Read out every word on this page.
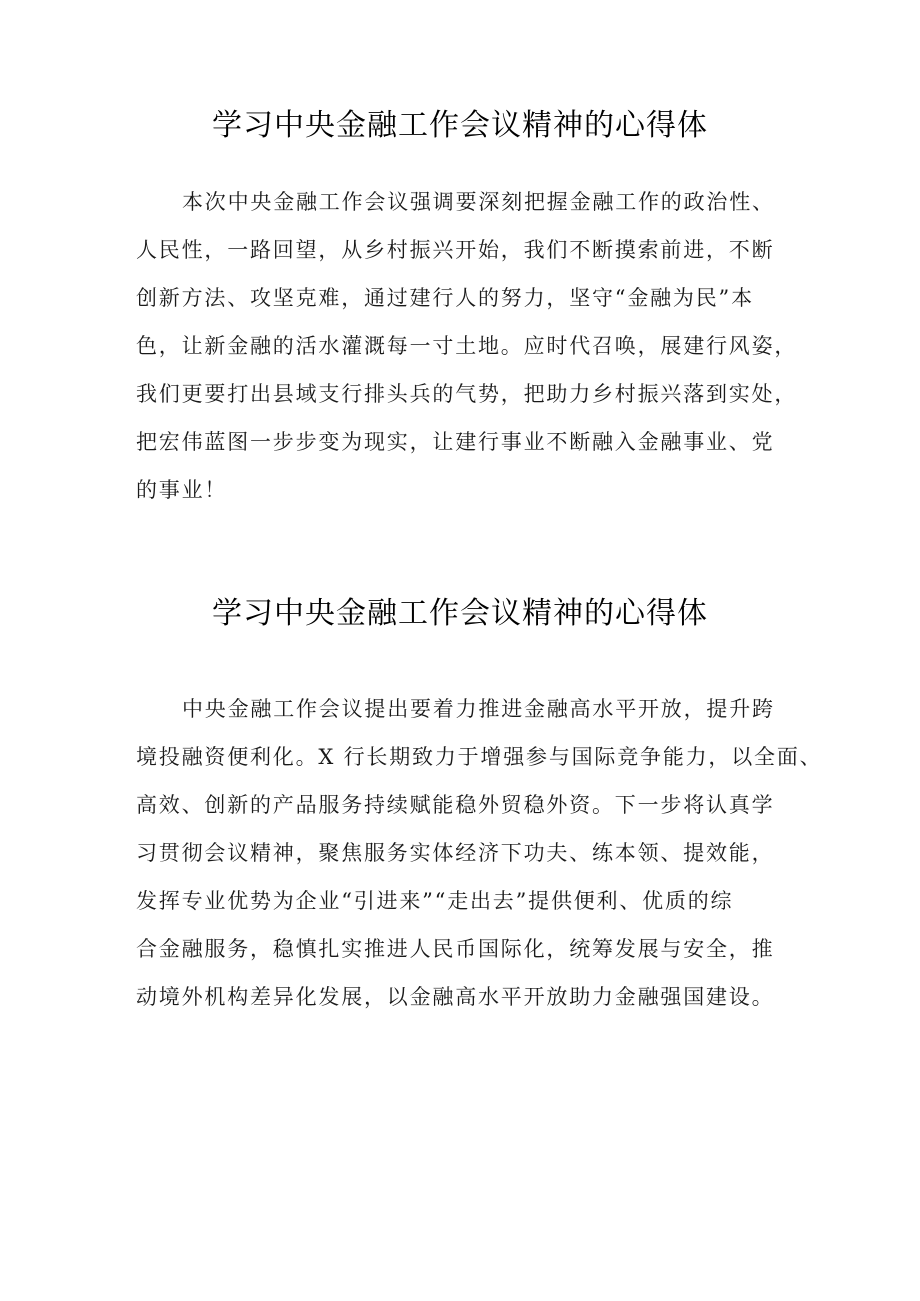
学习中央金融工作会议精神的心得体
本次中央金融工作会议强调要深刻把握金融工作的政治性、
人民性，一路回望，从乡村振兴开始，我们不断摸索前进，不断
创新方法、攻坚克难，通过建行人的努力，坚守“金融为民”本
色，让新金融的活水灌溉每一寸土地。应时代召唤，展建行风姿，
我们更要打出县域支行排头兵的气势，把助力乡村振兴落到实处，
把宏伟蓝图一步步变为现实，让建行事业不断融入金融事业、党
的事业！
学习中央金融工作会议精神的心得体
中央金融工作会议提出要着力推进金融高水平开放，提升跨
境投融资便利化。X 行长期致力于增强参与国际竞争能力，以全面、
高效、创新的产品服务持续赋能稳外贸稳外资。下一步将认真学
习贯彻会议精神，聚焦服务实体经济下功夫、练本领、提效能，
发挥专业优势为企业“引进来”“走出去”提供便利、优质的综
合金融服务，稳慎扎实推进人民币国际化，统筹发展与安全，推
动境外机构差异化发展，以金融高水平开放助力金融强国建设。
